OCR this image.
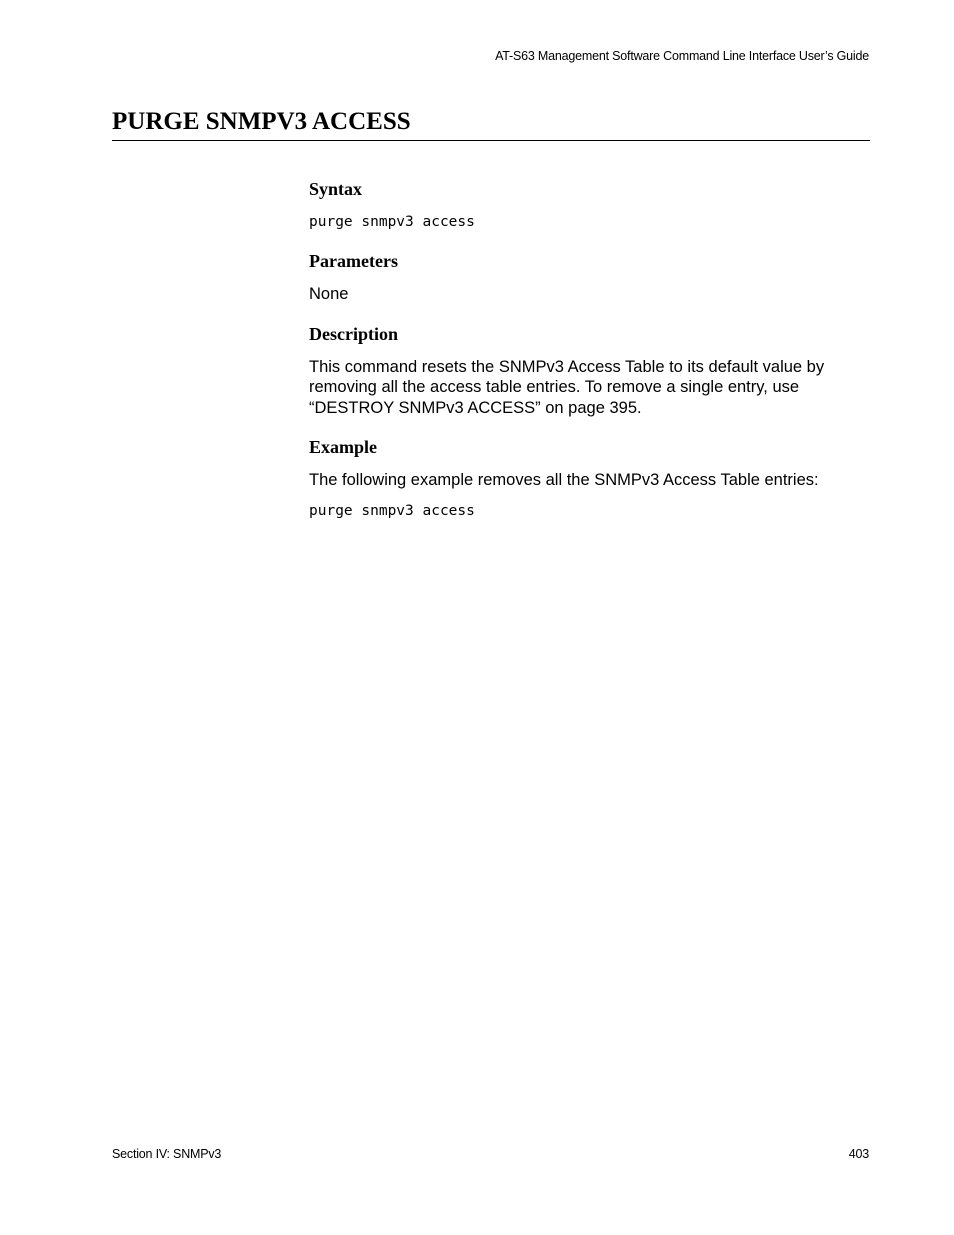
AT-S63 Management Software Command Line Interface User’s Guide
PURGE SNMPV3 ACCESS
Syntax

purge snmpv3 access

Parameters

None

Description

This command resets the SNMPv3 Access Table to its default value by removing all the access table entries. To remove a single entry, use “DESTROY SNMPv3 ACCESS” on page 395.

Example

The following example removes all the SNMPv3 Access Table entries:

purge snmpv3 access

Section IV: SNMPv3	403
